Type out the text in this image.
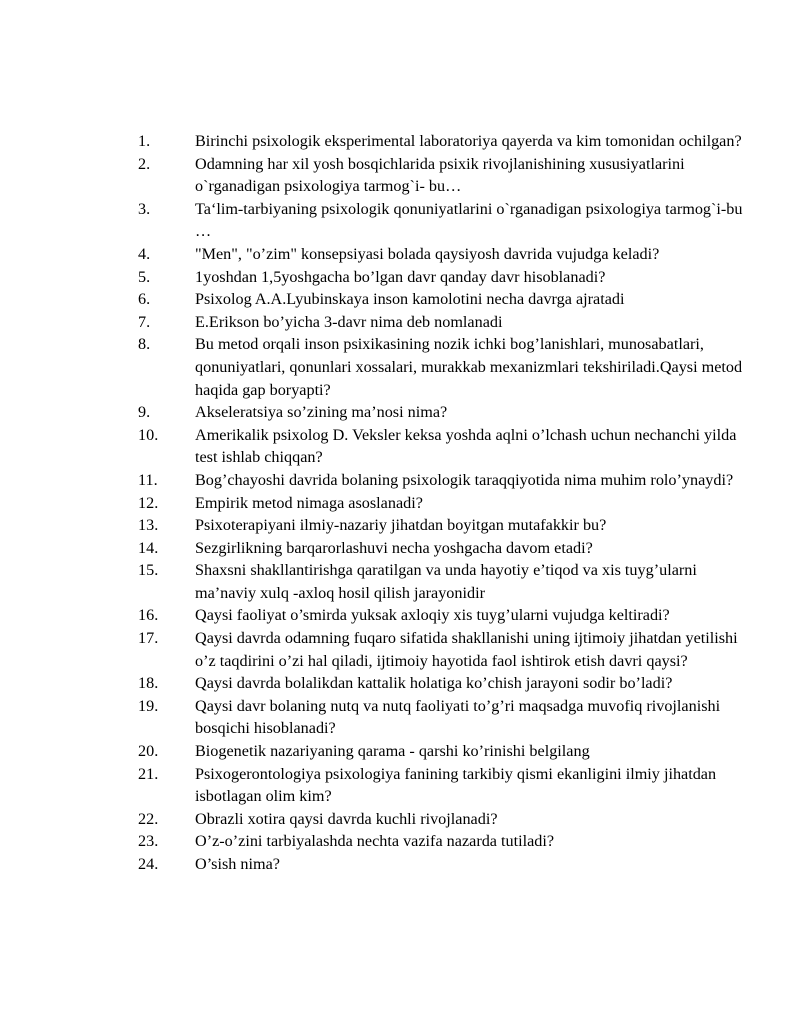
1.	Birinchi psixologik eksperimental laboratoriya qayerda va kim tomonidan ochilgan?
2.	Odamning har xil yosh bosqichlarida psixik rivojlanishining xususiyatlarini o`rganadigan psixologiya tarmog`i- bu…
3.	Ta‘lim-tarbiyaning psixologik qonuniyatlarini o`rganadigan psixologiya tarmog`i-bu …
4.	"Men", "o’zim" konsepsiyasi bolada qaysiyosh davrida vujudga keladi?
5.	1yoshdan 1,5yoshgacha bo’lgan davr qanday davr hisoblanadi?
6.	Psixolog A.A.Lyubinskaya inson kamolotini necha davrga ajratadi
7.	E.Erikson bo’yicha 3-davr nima deb nomlanadi
8.	Bu metod orqali inson psixikasining nozik ichki bog’lanishlari, munosabatlari, qonuniyatlari, qonunlari xossalari, murakkab mexanizmlari tekshiriladi.Qaysi metod haqida gap boryapti?
9.	Akseleratsiya so’zining ma’nosi nima?
10.	Amerikalik psixolog D. Veksler keksa yoshda aqlni o’lchash uchun nechanchi yilda test ishlab chiqqan?
11.	Bog’chayoshi davrida bolaning psixologik taraqqiyotida nima muhim rolo’ynaydi?
12.	Empirik metod nimaga asoslanadi?
13.	Psixoterapiyani ilmiy-nazariy jihatdan boyitgan mutafakkir bu?
14.	Sezgirlikning barqarorlashuvi necha yoshgacha davom etadi?
15.	Shaxsni shakllantirishga qaratilgan va unda hayotiy e’tiqod va xis tuyg’ularni ma’naviy xulq -axloq hosil qilish jarayonidir
16.	Qaysi faoliyat o’smirda yuksak axloqiy xis tuyg’ularni vujudga keltiradi?
17.	Qaysi davrda odamning fuqaro sifatida shakllanishi uning ijtimoiy jihatdan yetilishi o’z taqdirini o’zi hal qiladi, ijtimoiy hayotida faol ishtirok etish davri qaysi?
18.	Qaysi davrda bolalikdan kattalik holatiga ko’chish jarayoni sodir bo’ladi?
19.	Qaysi davr bolaning nutq va nutq faoliyati to’g’ri maqsadga muvofiq rivojlanishi bosqichi hisoblanadi?
20.	Biogenetik nazariyaning qarama - qarshi ko’rinishi belgilang
21.	Psixogerontologiya psixologiya fanining tarkibiy qismi ekanligini ilmiy jihatdan isbotlagan olim kim?
22.	Obrazli xotira qaysi davrda kuchli rivojlanadi?
23.	O’z-o’zini tarbiyalashda nechta vazifa nazarda tutiladi?
24.	O’sish nima?
